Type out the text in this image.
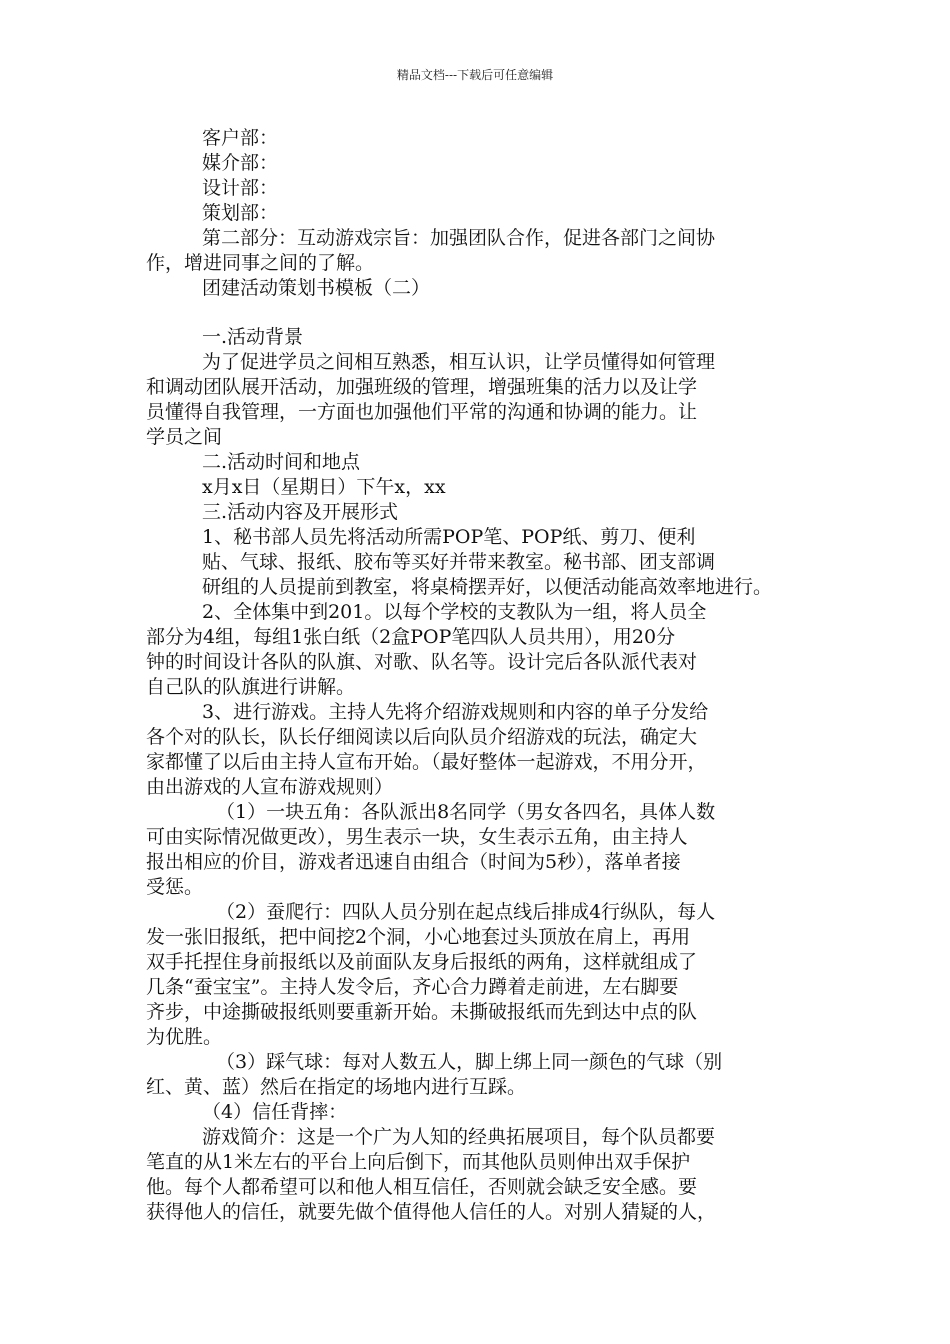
精品文档---下载后可任意编辑
客户部：
媒介部：
设计部：
策划部：
第二部分：互动游戏宗旨：加强团队合作，促进各部门之间协
作，增进同事之间的了解。
团建活动策划书模板（二）
一.活动背景
为了促进学员之间相互熟悉，相互认识，让学员懂得如何管理
和调动团队展开活动，加强班级的管理，增强班集的活力以及让学
员懂得自我管理，一方面也加强他们平常的沟通和协调的能力。让
学员之间
二.活动时间和地点
x月x日（星期日）下午x，xx
三.活动内容及开展形式
1、秘书部人员先将活动所需POP笔、POP纸、剪刀、便利
贴、气球、报纸、胶布等买好并带来教室。秘书部、团支部调
研组的人员提前到教室，将桌椅摆弄好，以便活动能高效率地进行。
2、全体集中到201。以每个学校的支教队为一组，将人员全
部分为4组，每组1张白纸（2盒POP笔四队人员共用），用20分
钟的时间设计各队的队旗、对歌、队名等。设计完后各队派代表对
自己队的队旗进行讲解。
3、进行游戏。主持人先将介绍游戏规则和内容的单子分发给
各个对的队长，队长仔细阅读以后向队员介绍游戏的玩法，确定大
家都懂了以后由主持人宣布开始。（最好整体一起游戏，不用分开，
由出游戏的人宣布游戏规则）
（1）一块五角：各队派出8名同学（男女各四名，具体人数
可由实际情况做更改），男生表示一块，女生表示五角，由主持人
报出相应的价目，游戏者迅速自由组合（时间为5秒），落单者接
受惩。
（2）蚕爬行：四队人员分别在起点线后排成4行纵队，每人
发一张旧报纸，把中间挖2个洞，小心地套过头顶放在肩上，再用
双手托捏住身前报纸以及前面队友身后报纸的两角，这样就组成了
几条“蚕宝宝”。主持人发令后，齐心合力蹲着走前进，左右脚要
齐步，中途撕破报纸则要重新开始。未撕破报纸而先到达中点的队
为优胜。
（3）踩气球：每对人数五人，脚上绑上同一颜色的气球（别
红、黄、蓝）然后在指定的场地内进行互踩。
（4）信任背摔：
游戏简介：这是一个广为人知的经典拓展项目，每个队员都要
笔直的从1米左右的平台上向后倒下，而其他队员则伸出双手保护
他。每个人都希望可以和他人相互信任，否则就会缺乏安全感。要
获得他人的信任，就要先做个值得他人信任的人。对别人猜疑的人，
